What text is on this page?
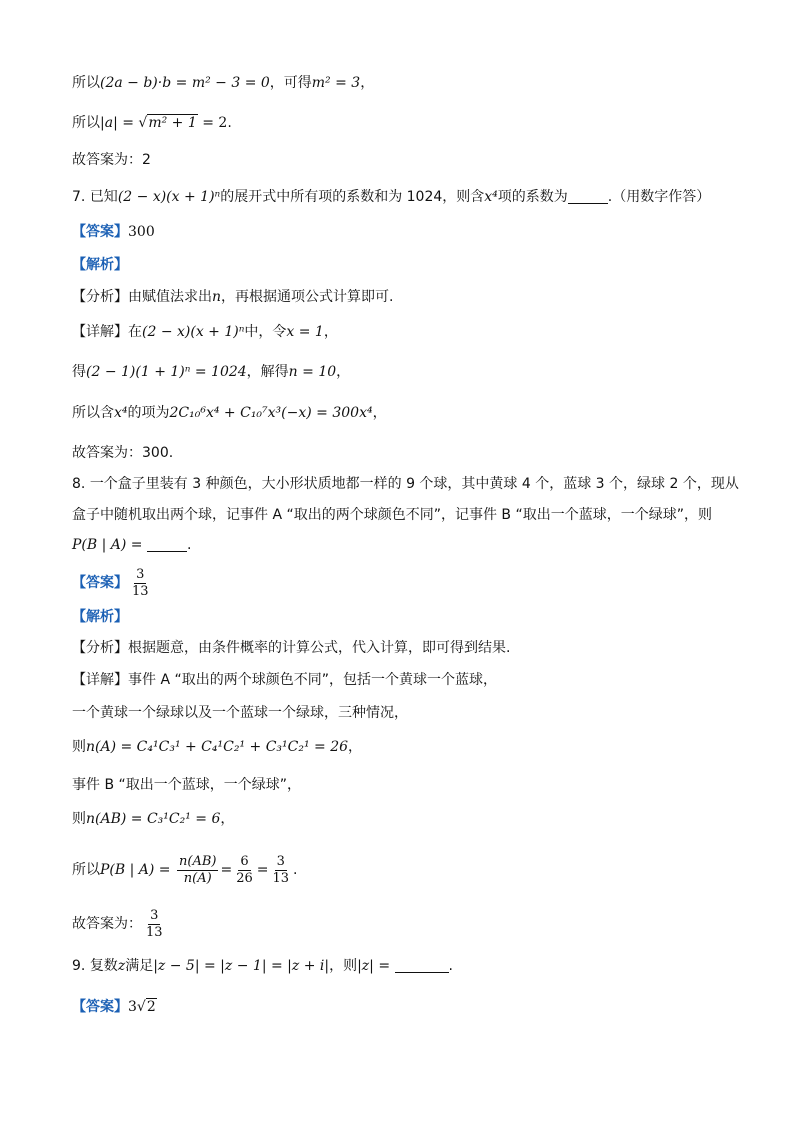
所以(2a − b)·b = m² − 3 = 0，可得m² = 3，
所以|a| = √m² + 1 = 2.
故答案为：2
7. 已知(2 − x)(x + 1)ⁿ的展开式中所有项的系数和为 1024，则含x⁴项的系数为	.（用数字作答）
【答案】300
【解析】
【分析】由赋值法求出n，再根据通项公式计算即可.
【详解】在(2 − x)(x + 1)ⁿ中，令x = 1，
得(2 − 1)(1 + 1)ⁿ = 1024，解得n = 10，
所以含x⁴的项为2C₁₀⁶x⁴ + C₁₀⁷x³(−x) = 300x⁴，
故答案为：300.
8. 一个盒子里装有 3 种颜色，大小形状质地都一样的 9 个球，其中黄球 4 个，蓝球 3 个，绿球 2 个，现从
盒子中随机取出两个球，记事件 A “取出的两个球颜色不同”，记事件 B “取出一个蓝球，一个绿球”，则
P(B | A) =	.
【答案】 $\frac{3}{13}$
【解析】
【分析】根据题意，由条件概率的计算公式，代入计算，即可得到结果.
【详解】事件 A “取出的两个球颜色不同”，包括一个黄球一个蓝球，
一个黄球一个绿球以及一个蓝球一个绿球，三种情况，
则n(A) = C₄¹C₃¹ + C₄¹C₂¹ + C₃¹C₂¹ = 26，
事件 B “取出一个蓝球，一个绿球”，
则n(AB) = C₃¹C₂¹ = 6，
所以P(B | $A) = \frac{n(AB)}{n(A)} = \frac{6}{26} = \frac{3}{13}$ .
故答案为： $\frac{3}{13}$
9. 复数z满足|z − 5| = |z − 1| = |z + i|，则|z| =	.
【答案】3√2
